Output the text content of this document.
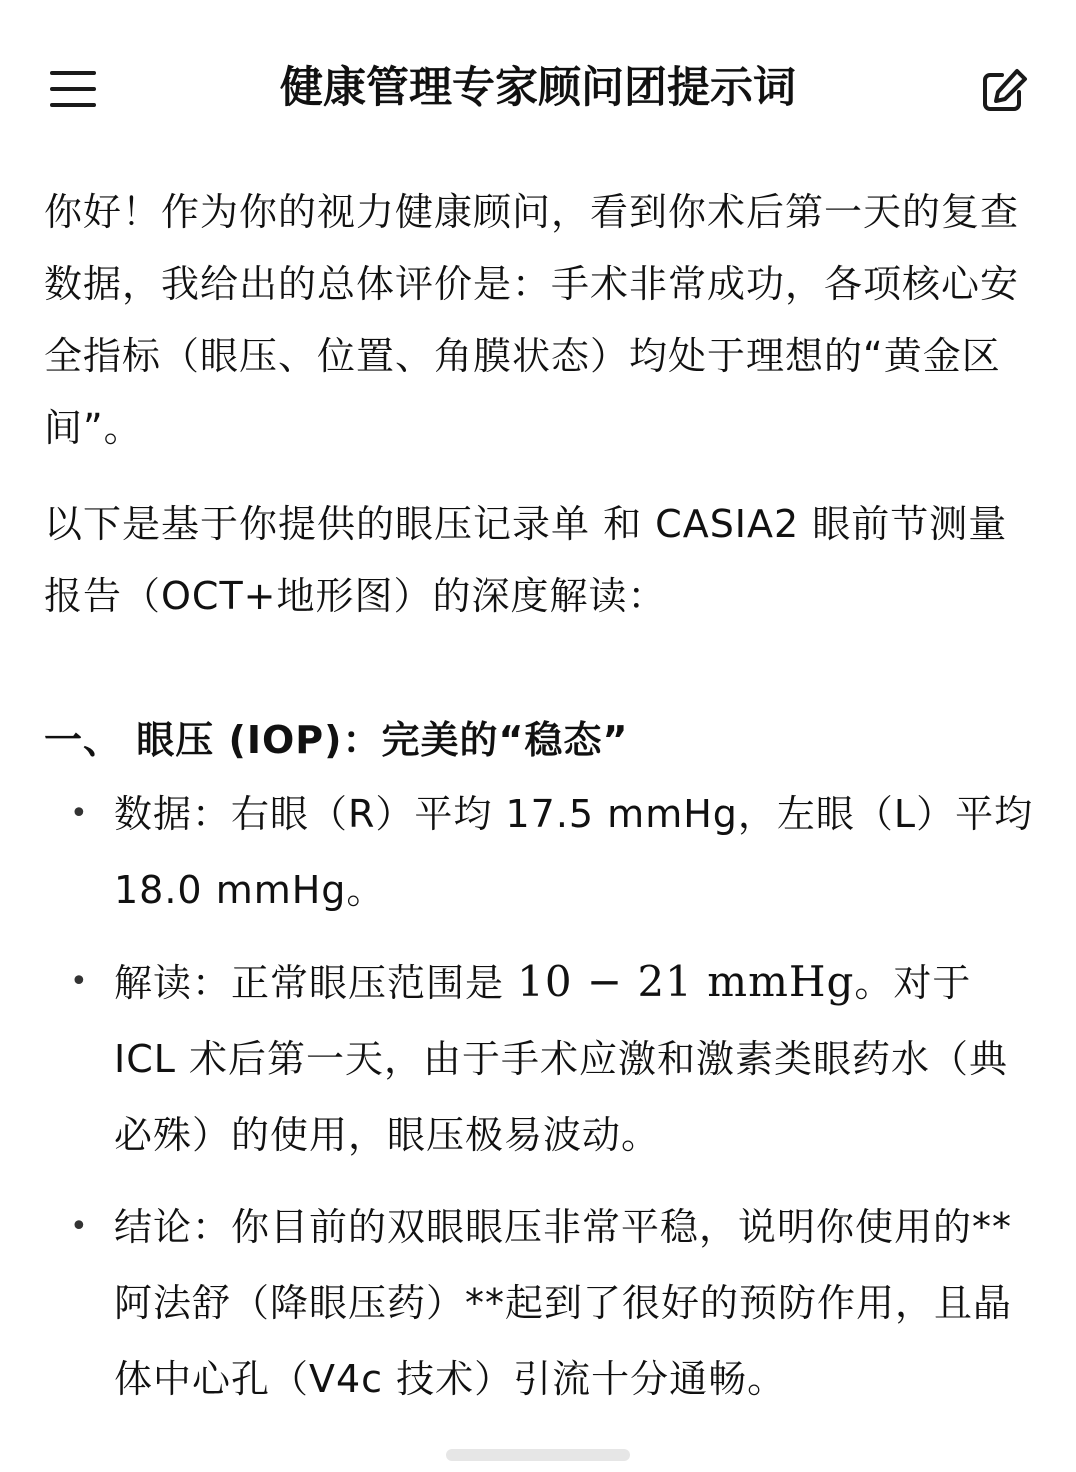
健康管理专家顾问团提示词

你好！作为你的视力健康顾问，看到你术后第一天的复查数据，我给出的总体评价是：手术非常成功，各项核心安全指标（眼压、位置、角膜状态）均处于理想的“黄金区间”。

以下是基于你提供的眼压记录单 和 CASIA2 眼前节测量报告（OCT+地形图）的深度解读：

一、 眼压 (IOP)：完美的“稳态”
• 数据：右眼（R）平均 17.5 mmHg，左眼（L）平均 18.0 mmHg。
• 解读：正常眼压范围是 10 − 21 mmHg。对于 ICL 术后第一天，由于手术应激和激素类眼药水（典必殊）的使用，眼压极易波动。
• 结论：你目前的双眼眼压非常平稳，说明你使用的**阿法舒（降眼压药）**起到了很好的预防作用，且晶体中心孔（V4c 技术）引流十分通畅。
